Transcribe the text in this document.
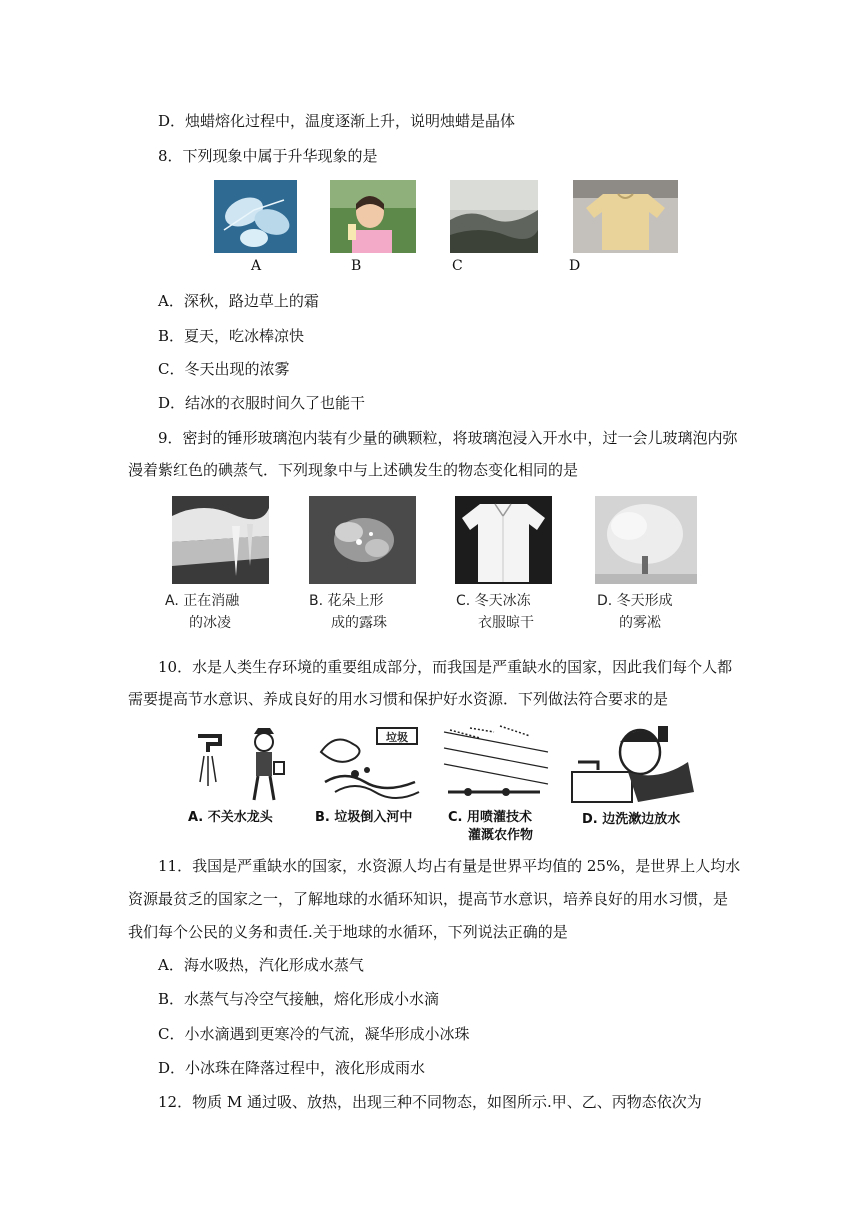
D．烛蜡熔化过程中，温度逐渐上升，说明烛蜡是晶体
8．下列现象中属于升华现象的是
A	B	C	D
A．深秋，路边草上的霜
B．夏天，吃冰棒凉快
C．冬天出现的浓雾
D．结冰的衣服时间久了也能干
9．密封的锤形玻璃泡内装有少量的碘颗粒，将玻璃泡浸入开水中，过一会儿玻璃泡内弥
漫着紫红色的碘蒸气．下列现象中与上述碘发生的物态变化相同的是
A. 正在消融
的冰凌
B. 花朵上形
成的露珠
C. 冬天冰冻
衣服晾干
D. 冬天形成
的雾凇
10．水是人类生存环境的重要组成部分，而我国是严重缺水的国家，因此我们每个人都
需要提高节水意识、养成良好的用水习惯和保护好水资源．下列做法符合要求的是
垃圾
A. 不关水龙头	B. 垃圾倒入河中	C. 用喷灌技术
灌溉农作物
D. 边洗漱边放水
11．我国是严重缺水的国家，水资源人均占有量是世界平均值的 25%，是世界上人均水
资源最贫乏的国家之一，了解地球的水循环知识，提高节水意识，培养良好的用水习惯，是
我们每个公民的义务和责任.关于地球的水循环，下列说法正确的是
A．海水吸热，汽化形成水蒸气
B．水蒸气与冷空气接触，熔化形成小水滴
C．小水滴遇到更寒冷的气流，凝华形成小冰珠
D．小冰珠在降落过程中，液化形成雨水
12．物质 M 通过吸、放热，出现三种不同物态，如图所示.甲、乙、丙物态依次为
